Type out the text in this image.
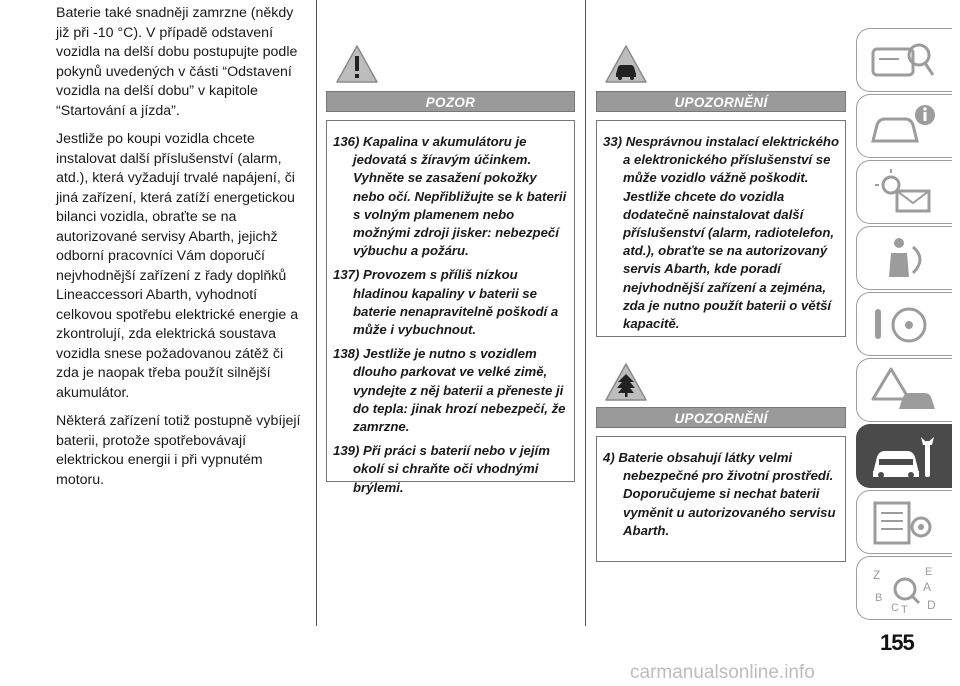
Baterie také snadněji zamrzne (někdy již při -10 °C). V případě odstavení vozidla na delší dobu postupujte podle pokynů uvedených v části “Odstavení vozidla na delší dobu” v kapitole “Startování a jízda”.

Jestliže po koupi vozidla chcete instalovat další příslušenství (alarm, atd.), která vyžadují trvalé napájení, či jiná zařízení, která zatíží energetickou bilanci vozidla, obraťte se na autorizované servisy Abarth, jejichž odborní pracovníci Vám doporučí nejvhodnější zařízení z řady doplňků Lineaccessori Abarth, vyhodnotí celkovou spotřebu elektrické energie a zkontrolují, zda elektrická soustava vozidla snese požadovanou zátěž či zda je naopak třeba použít silnější akumulátor.

Některá zařízení totiž postupně vybíjejí baterii, protože spotřebovávají elektrickou energii i při vypnutém motoru.

POZOR
136) Kapalina v akumulátoru je jedovatá s žíravým účinkem. Vyhněte se zasažení pokožky nebo očí. Nepřibližujte se k baterii s volným plamenem nebo možnými zdroji jisker: nebezpečí výbuchu a požáru.
137) Provozem s příliš nízkou hladinou kapaliny v baterii se baterie nenapravitelně poškodí a může i vybuchnout.
138) Jestliže je nutno s vozidlem dlouho parkovat ve velké zimě, vyndejte z něj baterii a přeneste ji do tepla: jinak hrozí nebezpečí, že zamrzne.
139) Při práci s baterií nebo v jejím okolí si chraňte oči vhodnými brýlemi.
UPOZORNĚNÍ
33) Nesprávnou instalací elektrického a elektronického příslušenství se může vozidlo vážně poškodit. Jestliže chcete do vozidla dodatečně nainstalovat další příslušenství (alarm, radiotelefon, atd.), obraťte se na autorizovaný servis Abarth, kde poradí nejvhodnější zařízení a zejména, zda je nutno použít baterii o větší kapacitě.
UPOZORNĚNÍ
4) Baterie obsahují látky velmi nebezpečné pro životní prostředí. Doporučujeme si nechat baterii vyměnit u autorizovaného servisu Abarth.
Z	E
A
B
C T D
155
carmanualsonline.info
